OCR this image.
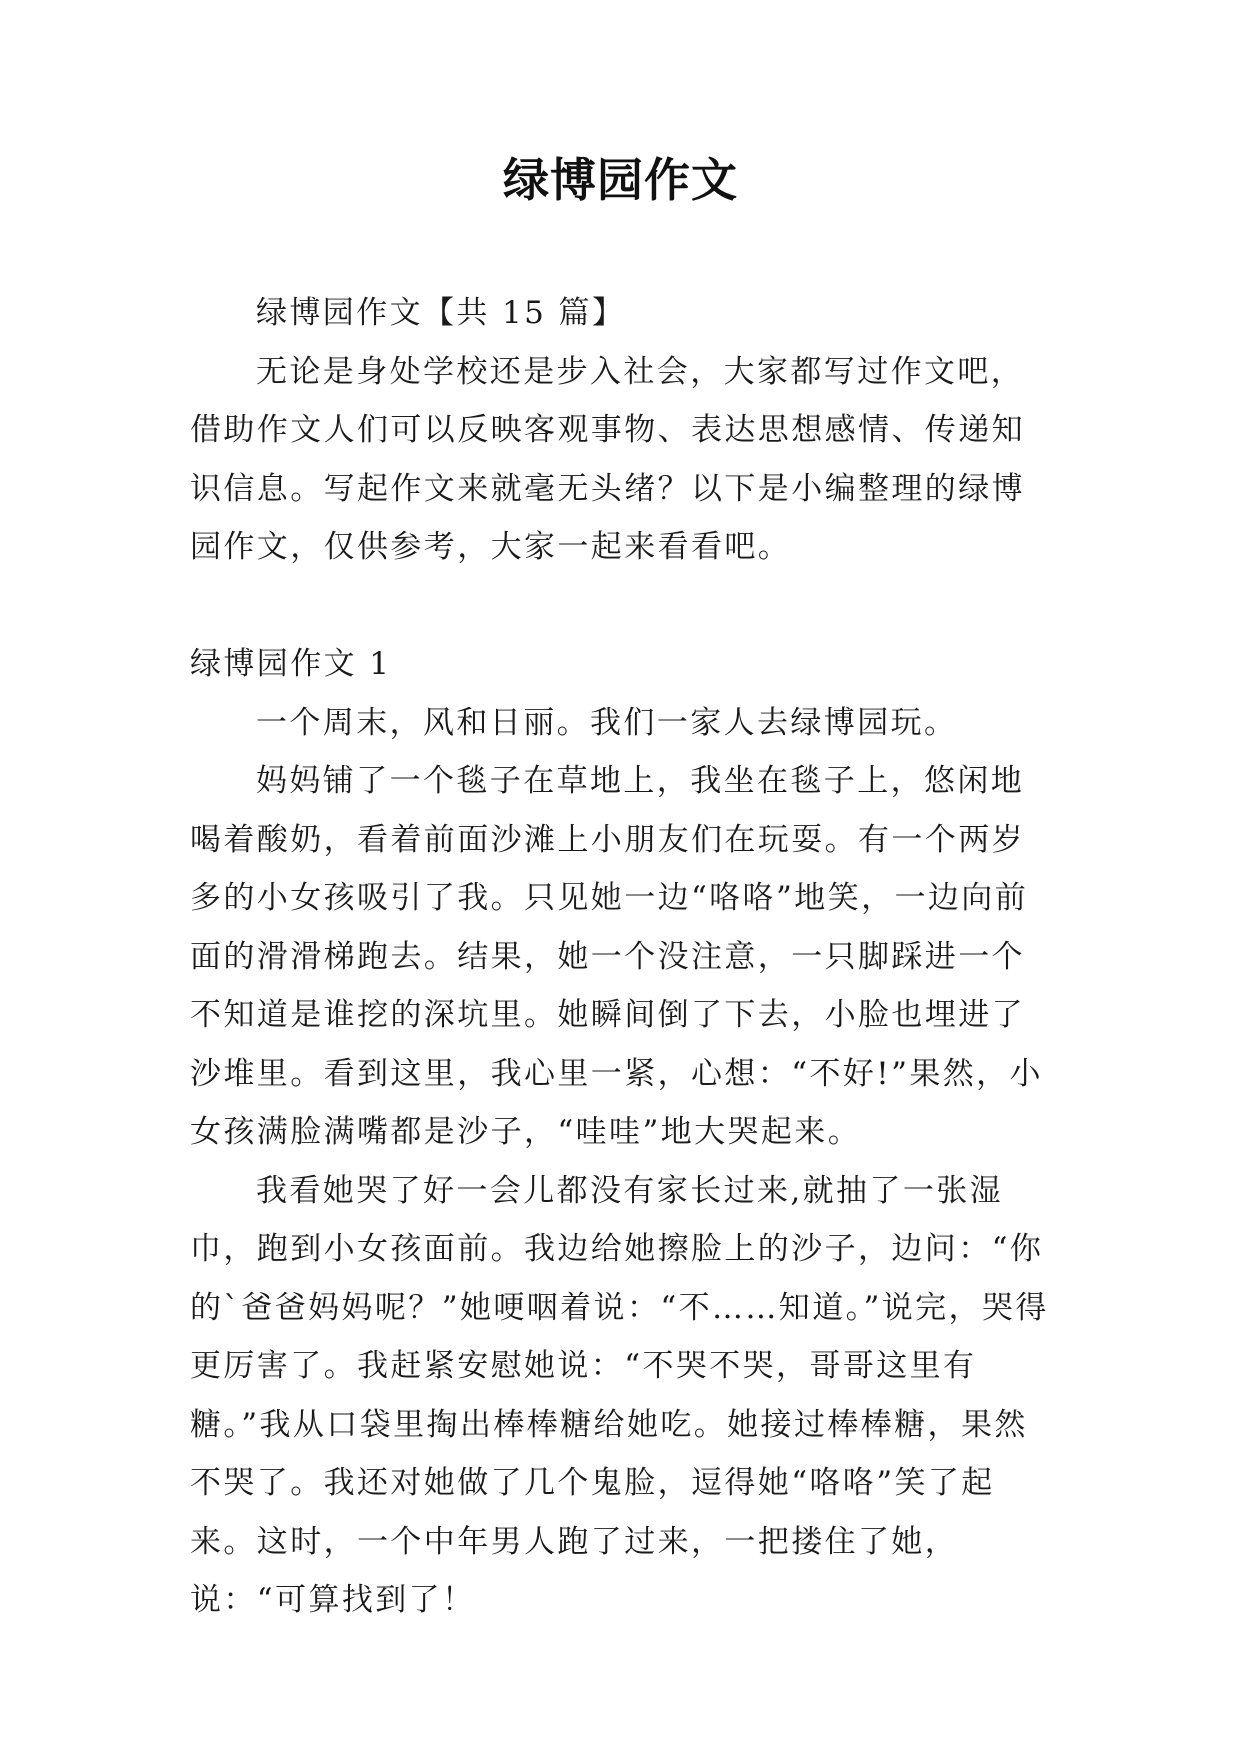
绿博园作文

绿博园作文【共 15 篇】

无论是身处学校还是步入社会，大家都写过作文吧，借助作文人们可以反映客观事物、表达思想感情、传递知识信息。写起作文来就毫无头绪？以下是小编整理的绿博园作文，仅供参考，大家一起来看看吧。

绿博园作文 1

一个周末，风和日丽。我们一家人去绿博园玩。

妈妈铺了一个毯子在草地上，我坐在毯子上，悠闲地喝着酸奶，看着前面沙滩上小朋友们在玩耍。有一个两岁多的小女孩吸引了我。只见她一边“咯咯”地笑，一边向前面的滑滑梯跑去。结果，她一个没注意，一只脚踩进一个不知道是谁挖的深坑里。她瞬间倒了下去，小脸也埋进了沙堆里。看到这里，我心里一紧，心想：“不好!”果然，小女孩满脸满嘴都是沙子，“哇哇”地大哭起来。

我看她哭了好一会儿都没有家长过来,就抽了一张湿巾，跑到小女孩面前。我边给她擦脸上的沙子，边问：“你的`爸爸妈妈呢？”她哽咽着说：“不……知道。”说完，哭得更厉害了。我赶紧安慰她说：“不哭不哭，哥哥这里有糖。”我从口袋里掏出棒棒糖给她吃。她接过棒棒糖，果然不哭了。我还对她做了几个鬼脸，逗得她“咯咯”笑了起来。这时，一个中年男人跑了过来，一把搂住了她，说：“可算找到了！
